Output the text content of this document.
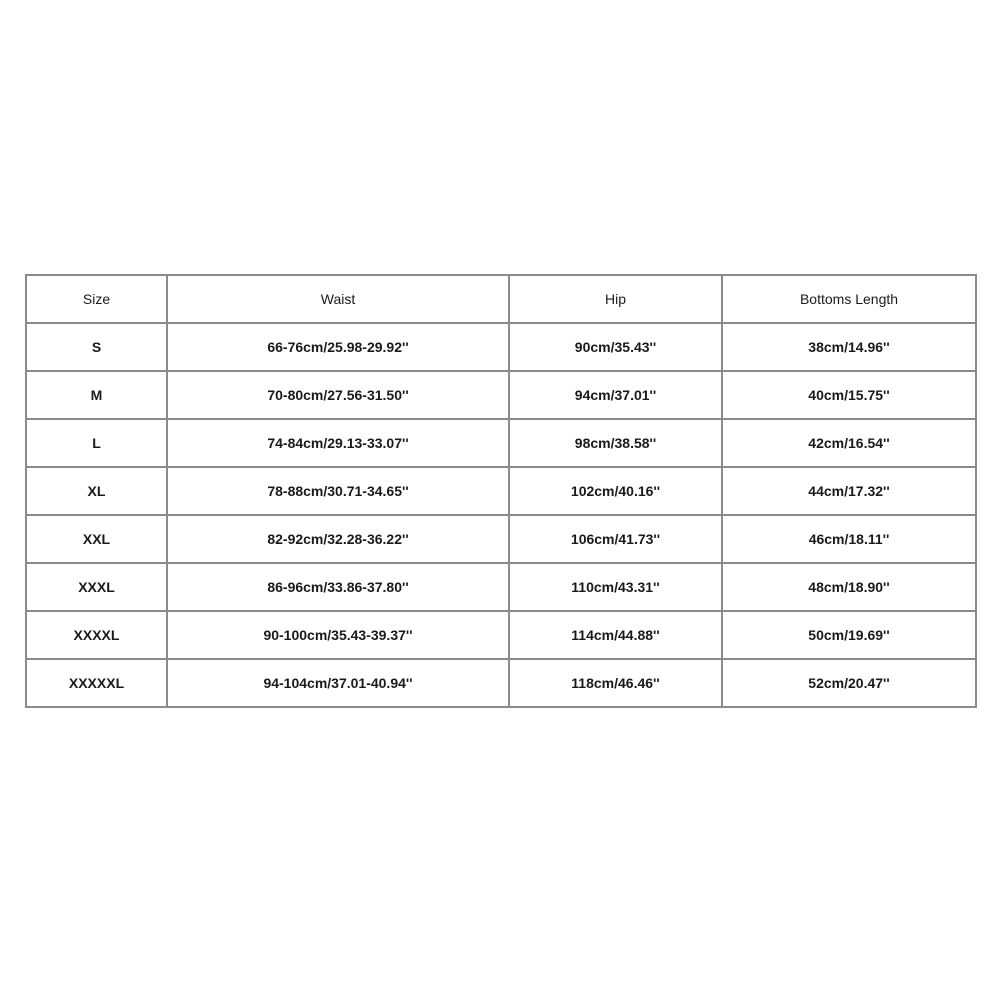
Size	Waist	Hip	Bottoms Length
S	66-76cm/25.98-29.92''	90cm/35.43''	38cm/14.96''
M	70-80cm/27.56-31.50''	94cm/37.01''	40cm/15.75''
L	74-84cm/29.13-33.07''	98cm/38.58''	42cm/16.54''
XL	78-88cm/30.71-34.65''	102cm/40.16''	44cm/17.32''
XXL	82-92cm/32.28-36.22''	106cm/41.73''	46cm/18.11''
XXXL	86-96cm/33.86-37.80''	110cm/43.31''	48cm/18.90''
XXXXL	90-100cm/35.43-39.37''	114cm/44.88''	50cm/19.69''
XXXXXL	94-104cm/37.01-40.94''	118cm/46.46''	52cm/20.47''
